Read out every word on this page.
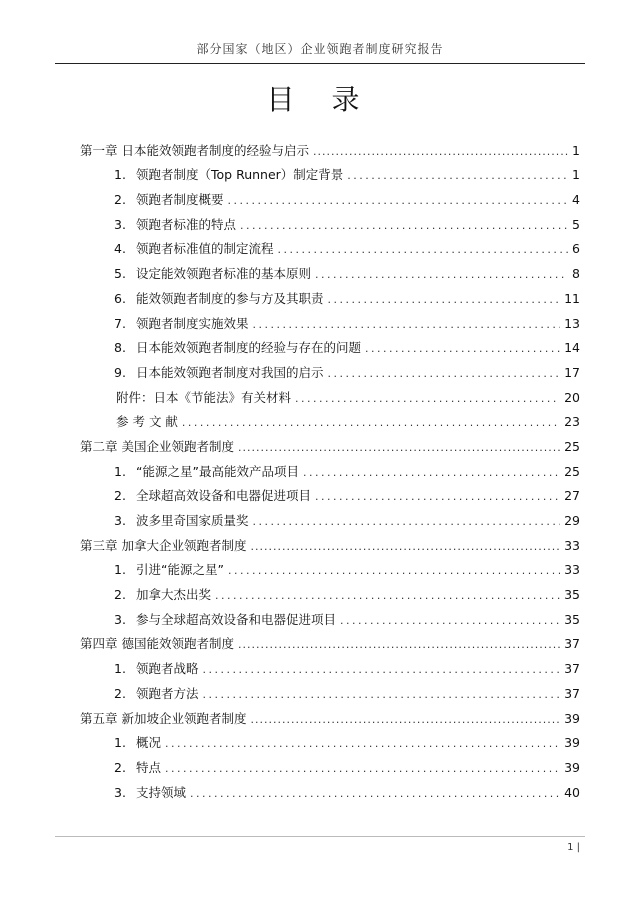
部分国家（地区）企业领跑者制度研究报告
目 录
第一章 日本能效领跑者制度的经验与启示 .....	1
1. 领跑者制度（Top Runner）制定背景 .....	1
2. 领跑者制度概要 .....	4
3. 领跑者标准的特点 .....	5
4. 领跑者标准值的制定流程 .....	6
5. 设定能效领跑者标准的基本原则 .....	8
6. 能效领跑者制度的参与方及其职责 .....	11
7. 领跑者制度实施效果 .....	13
8. 日本能效领跑者制度的经验与存在的问题 .....	14
9. 日本能效领跑者制度对我国的启示 .....	17
附件：日本《节能法》有关材料 .....	20
参 考 文 献 .....	23
第二章 美国企业领跑者制度 .....	25
1. “能源之星”最高能效产品项目 .....	25
2. 全球超高效设备和电器促进项目 .....	27
3. 波多里奇国家质量奖 .....	29
第三章 加拿大企业领跑者制度 .....	33
1. 引进“能源之星” .....	33
2. 加拿大杰出奖 .....	35
3. 参与全球超高效设备和电器促进项目 .....	35
第四章 德国能效领跑者制度 .....	37
1. 领跑者战略 .....	37
2. 领跑者方法 .....	37
第五章 新加坡企业领跑者制度 .....	39
1. 概况 .....	39
2. 特点 .....	39
3. 支持领域 .....	40
1 |
